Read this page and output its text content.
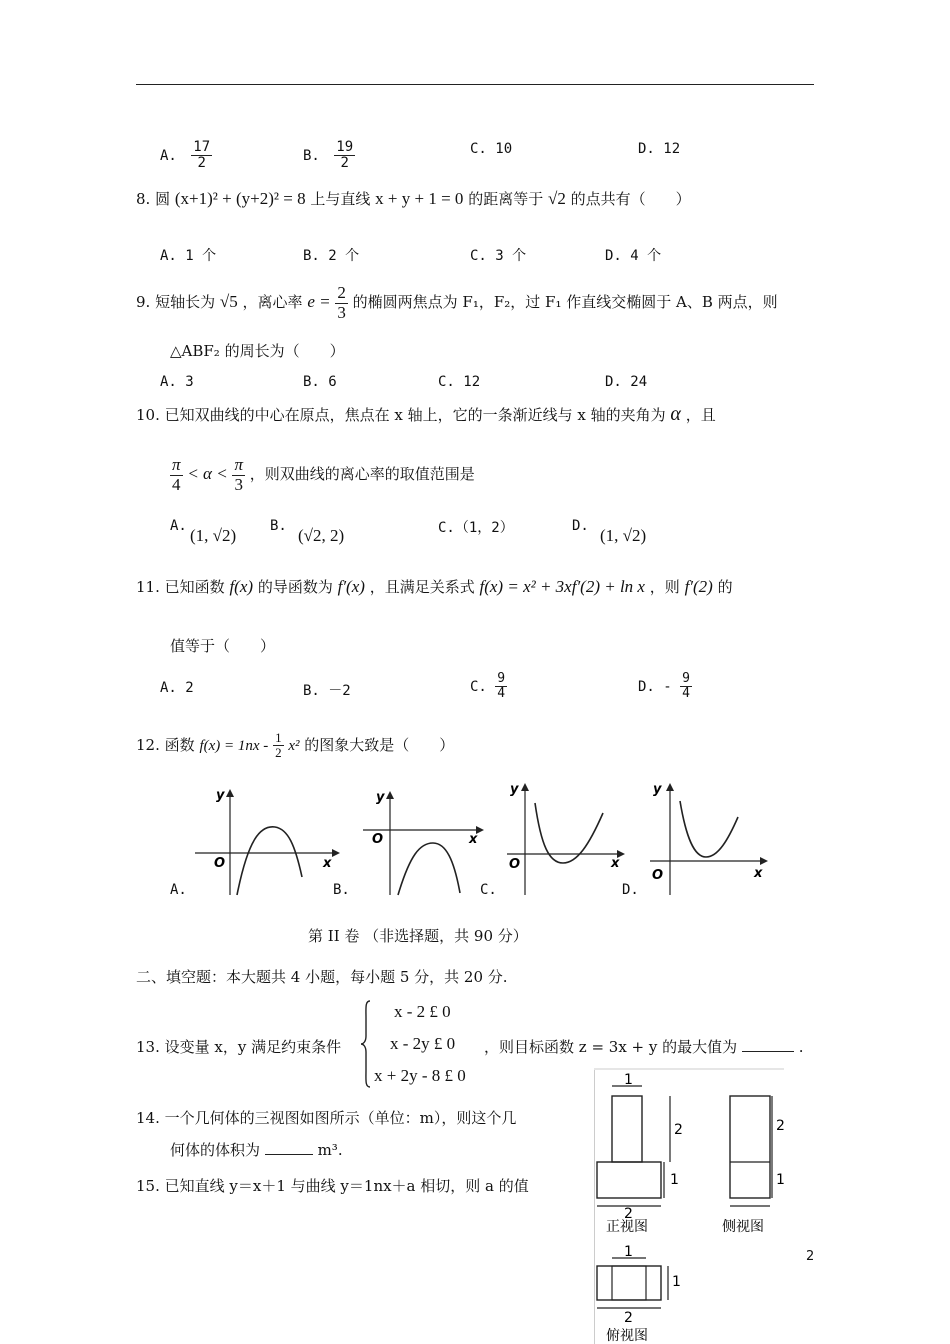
A. $\frac{17}{2}$	B. $\frac{19}{2}$	C. 10	D. 12
8. 圆 (x+1)² + (y+2)² = 8 上与直线 x + y + 1 = 0 的距离等于 √2 的点共有（　　）
A. 1 个	B. 2 个	C. 3 个	D. 4 个
9. 短轴长为 √5 ，离心率 $e = \frac{2}{3}$ 的椭圆两焦点为 F₁，F₂，过 F₁ 作直线交椭圆于 A、B 两点，则
△ABF₂ 的周长为（　　）
A. 3	B. 6	C. 12	D. 24
10. 已知双曲线的中心在原点，焦点在 x 轴上，它的一条渐近线与 x 轴的夹角为 α ，且
$\frac{\pi}{4} < \alpha < \frac{\pi}{3}$ ，则双曲线的离心率的取值范围是
A. (1, √2) B. (√2, 2)	C.（1，2）	D. (1, √2)
11. 已知函数 f(x) 的导函数为 f′(x) ，且满足关系式 f(x) = x² + 3xf′(2) + ln x ，则 f′(2) 的
值等于（　　）
A. 2	B. －2	C. $\frac{9}{4}$	D. - $\frac{9}{4}$
12. 函数 $f(x) = 1nx - \frac{1}{2} x^2$ 的图象大致是（　　）
y
x
O
A.
y
x
O
B.
y
x
O
C.
y
x
O
D.
第 II 卷 （非选择题，共 90 分）
二、填空题：本大题共 4 小题，每小题 5 分，共 20 分.
13. 设变量 x，y 满足约束条件
x - 2 £ 0
x - 2y £ 0
x + 2y - 8 £ 0
，则目标函数 z = 3x + y 的最大值为	.
14. 一个几何体的三视图如图所示（单位：m），则这个几
何体的体积为	m³.
15. 已知直线 y＝x＋1 与曲线 y＝1nx＋a 相切，则 a 的值
1
2
1
2
正视图
2
1
侧视图
1
1
2
俯视图
2
